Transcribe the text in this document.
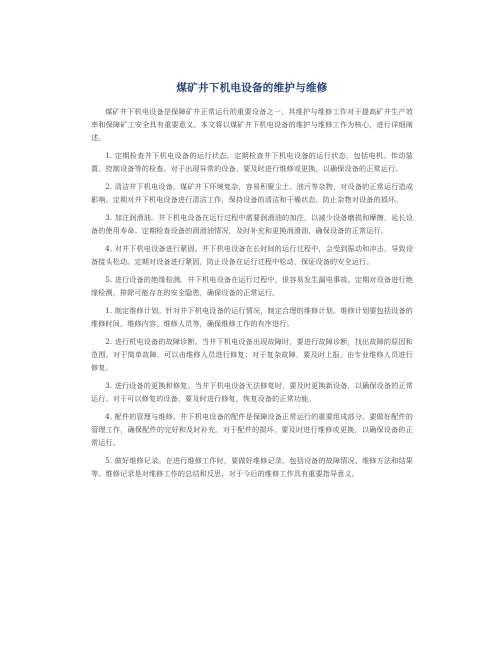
煤矿井下机电设备的维护与维修

煤矿井下机电设备是保障矿井正常运行的重要设备之一，其维护与维修工作对于提高矿井生产效率和保障矿工安全具有重要意义。本文将以煤矿井下机电设备的维护与维修工作为核心，进行详细阐述。

1. 定期检查井下机电设备的运行状态。定期检查井下机电设备的运行状态，包括电机、传动装置、控制设备等的检查。对于出现异常的设备，要及时进行维修或更换，以确保设备的正常运行。

2. 清洁井下机电设备。煤矿井下环境复杂，容易积聚尘土、油污等杂物，对设备的正常运行造成影响。定期对井下机电设备进行清洁工作，保持设备的清洁和干燥状态，防止杂物对设备的损坏。

3. 加注润滑油。井下机电设备在运行过程中需要润滑油的加注，以减少设备磨损和摩擦，延长设备的使用寿命。定期检查设备的润滑油情况，及时补充和更换润滑油，确保设备的正常运行。

4. 对井下机电设备进行紧固。井下机电设备在长时间的运行过程中，会受到振动和冲击，导致设备接头松动。定期对设备进行紧固，防止设备在运行过程中松动，保证设备的安全运行。

5. 进行设备的绝缘检测。井下机电设备在运行过程中，很容易发生漏电事故。定期对设备进行绝缘检测，排除可能存在的安全隐患，确保设备的正常运行。

1. 制定维修计划。针对井下机电设备的运行情况，制定合理的维修计划。维修计划要包括设备的维修时间、维修内容、维修人员等，确保维修工作的有序进行。

2. 进行机电设备的故障诊断。当井下机电设备出现故障时，要进行故障诊断，找出故障的原因和范围。对于简单故障，可以由维修人员进行修复；对于复杂故障，要及时上报，由专业维修人员进行修复。

3. 进行设备的更换和修复。当井下机电设备无法修复时，要及时更换新设备，以确保设备的正常运行。对于可以修复的设备，要及时进行修复，恢复设备的正常功能。

4. 配件的管理与维修。井下机电设备的配件是保障设备正常运行的重要组成部分。要做好配件的管理工作，确保配件的完好和及时补充。对于配件的损坏，要及时进行维修或更换，以确保设备的正常运行。

5. 做好维修记录。在进行维修工作时，要做好维修记录，包括设备的故障情况、维修方法和结果等。维修记录是对维修工作的总结和反思，对于今后的维修工作具有重要指导意义。
